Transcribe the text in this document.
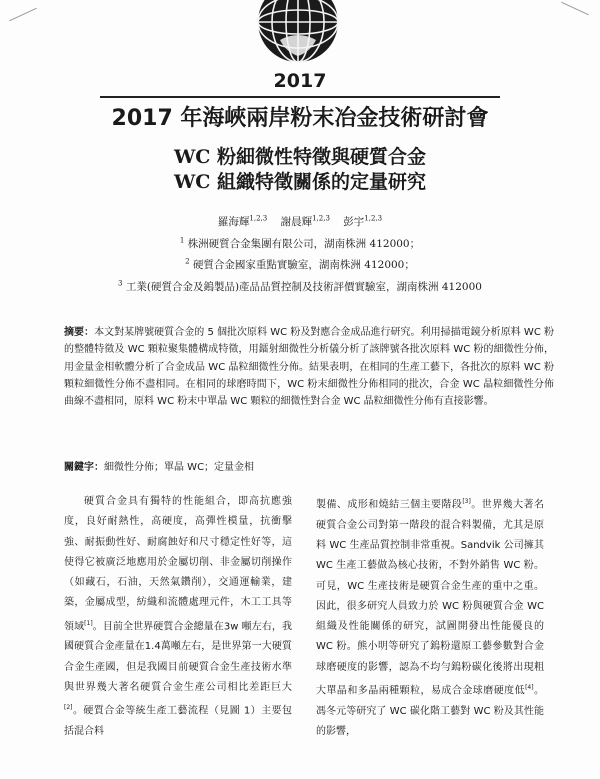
2017
2017 年海峽兩岸粉末冶金技術研討會
WC 粉細微性特徵與硬質合金
WC 組織特徵關係的定量研究
羅海輝$^{1,2,3}$ 謝晨輝$^{1,2,3}$ 彭宇$^{1,2,3}$
$^1$ 株洲硬質合金集團有限公司，湖南株洲 412000；
$^2$ 硬質合金國家重點實驗室，湖南株洲 412000；
$^3$ 工業(硬質合金及鎢製品)產品品質控制及技術評價實驗室，湖南株洲 412000
摘要：本文對某牌號硬質合金的 5 個批次原料 WC 粉及對應合金成品進行研究。利用掃描電鏡分析原料 WC 粉的整體特徵及 WC 顆粒聚集體構成特徵，用鐳射細微性分析儀分析了該牌號各批次原料 WC 粉的細微性分佈，用金量金相軟體分析了合金成品 WC 晶粒細微性分佈。結果表明，在相同的生產工藝下，各批次的原料 WC 粉顆粒細微性分佈不盡相同。在相同的球磨時間下，WC 粉末細微性分佈相同的批次，合金 WC 晶粒細微性分佈曲線不盡相同，原料 WC 粉末中單晶 WC 顆粒的細微性對合金 WC 晶粒細微性分佈有直接影響。
關鍵字：細微性分佈；單晶 WC；定量金相
硬質合金具有獨特的性能組合，即高抗應強度，良好耐熱性，高硬度，高彈性模量，抗衝擊強、耐振動性好、耐腐蝕好和尺寸穩定性好等，這使得它被廣泛地應用於金屬切削、非金屬切削操作（如藏石，石油，天然氣鑽削），交通運輸業，建築，金屬成型，紡織和流體處理元件，木工工具等領域[1]。目前全世界硬質合金總量在3w 噸左右，我國硬質合金產量在1.4萬噸左右，是世界第一大硬質合金生產國，但是我國目前硬質合金生產技術水準與世界幾大著名硬質合金生產公司相比差距巨大[2]。硬質合金等統生產工藝流程（見圖 1）主要包括混合料
製備、成形和燒結三個主要階段[3]。世界幾大著名硬質合金公司對第一階段的混合料製備，尤其是原料 WC 生產品質控制非常重視。Sandvik 公司擁其 WC 生產工藝做為核心技術，不對外銷售 WC 粉。可見，WC 生產技術是硬質合金生產的重中之重。因此，很多研究人員致力於 WC 粉與硬質合金 WC 組織及性能關係的研究，試圖開發出性能優良的 WC 粉。熊小明等研究了鎢粉還原工藝參數對合金球磨硬度的影響，認為不均勻鎢粉碳化後將出現粗大單晶和多晶兩種顆粒，易成合金球磨硬度低[4]。馮冬元等研究了 WC 碳化階工藝對 WC 粉及其性能的影響，
